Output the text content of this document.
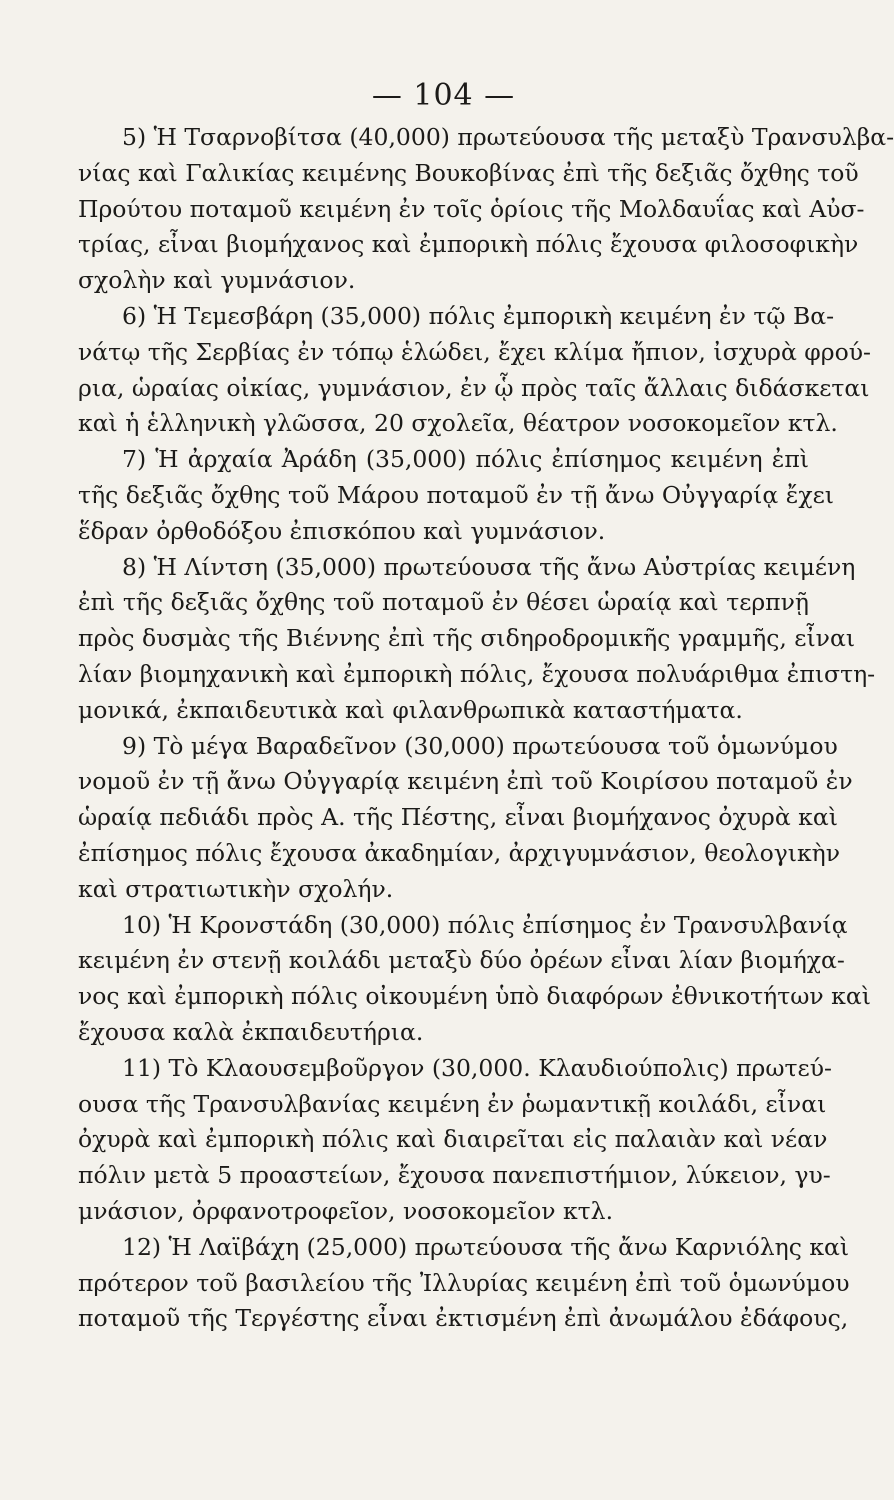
— 104 —

5) Ἡ Τσαρνοβίτσα (40,000) πρωτεύουσα τῆς μεταξὺ Τρανσυλβα-
νίας καὶ Γαλικίας κειμένης Βουκοβίνας ἐπὶ τῆς δεξιᾶς ὄχθης τοῦ
Προύτου ποταμοῦ κειμένη ἐν τοῖς ὁρίοις τῆς Μολδαυΐας καὶ Αὐσ-
τρίας, εἶναι βιομήχανος καὶ ἐμπορικὴ πόλις ἔχουσα φιλοσοφικὴν
σχολὴν καὶ γυμνάσιον.

6) Ἡ Τεμεσβάρη (35,000) πόλις ἐμπορικὴ κειμένη ἐν τῷ Βα-
νάτῳ τῆς Σερβίας ἐν τόπῳ ἑλώδει, ἔχει κλίμα ἤπιον, ἰσχυρὰ φρού-
ρια, ὡραίας οἰκίας, γυμνάσιον, ἐν ᾧ πρὸς ταῖς ἄλλαις διδάσκεται
καὶ ἡ ἑλληνικὴ γλῶσσα, 20 σχολεῖα, θέατρον νοσοκομεῖον κτλ.

7) Ἡ ἀρχαία Ἀράδη (35,000) πόλις ἐπίσημος κειμένη ἐπὶ
τῆς δεξιᾶς ὄχθης τοῦ Μάρου ποταμοῦ ἐν τῇ ἄνω Οὐγγαρίᾳ ἔχει
ἕδραν ὀρθοδόξου ἐπισκόπου καὶ γυμνάσιον.

8) Ἡ Λίντση (35,000) πρωτεύουσα τῆς ἄνω Αὐστρίας κειμένη
ἐπὶ τῆς δεξιᾶς ὄχθης τοῦ ποταμοῦ ἐν θέσει ὡραίᾳ καὶ τερπνῇ
πρὸς δυσμὰς τῆς Βιέννης ἐπὶ τῆς σιδηροδρομικῆς γραμμῆς, εἶναι
λίαν βιομηχανικὴ καὶ ἐμπορικὴ πόλις, ἔχουσα πολυάριθμα ἐπιστη-
μονικά, ἐκπαιδευτικὰ καὶ φιλανθρωπικὰ καταστήματα.

9) Τὸ μέγα Βαραδεῖνον (30,000) πρωτεύουσα τοῦ ὁμωνύμου
νομοῦ ἐν τῇ ἄνω Οὐγγαρίᾳ κειμένη ἐπὶ τοῦ Κοιρίσου ποταμοῦ ἐν
ὡραίᾳ πεδιάδι πρὸς Α. τῆς Πέστης, εἶναι βιομήχανος ὀχυρὰ καὶ
ἐπίσημος πόλις ἔχουσα ἀκαδημίαν, ἀρχιγυμνάσιον, θεολογικὴν
καὶ στρατιωτικὴν σχολήν.

10) Ἡ Κρονστάδη (30,000) πόλις ἐπίσημος ἐν Τρανσυλβανίᾳ
κειμένη ἐν στενῇ κοιλάδι μεταξὺ δύο ὀρέων εἶναι λίαν βιομήχα-
νος καὶ ἐμπορικὴ πόλις οἰκουμένη ὑπὸ διαφόρων ἐθνικοτήτων καὶ
ἔχουσα καλὰ ἐκπαιδευτήρια.

11) Τὸ Κλαουσεμβοῦργον (30,000. Κλαυδιούπολις) πρωτεύ-
ουσα τῆς Τρανσυλβανίας κειμένη ἐν ῥωμαντικῇ κοιλάδι, εἶναι
ὀχυρὰ καὶ ἐμπορικὴ πόλις καὶ διαιρεῖται εἰς παλαιὰν καὶ νέαν
πόλιν μετὰ 5 προαστείων, ἔχουσα πανεπιστήμιον, λύκειον, γυ-
μνάσιον, ὀρφανοτροφεῖον, νοσοκομεῖον κτλ.

12) Ἡ Λαϊβάχη (25,000) πρωτεύουσα τῆς ἄνω Καρνιόλης καὶ
πρότερον τοῦ βασιλείου τῆς Ἰλλυρίας κειμένη ἐπὶ τοῦ ὁμωνύμου
ποταμοῦ τῆς Τεργέστης εἶναι ἐκτισμένη ἐπὶ ἀνωμάλου ἐδάφους,
